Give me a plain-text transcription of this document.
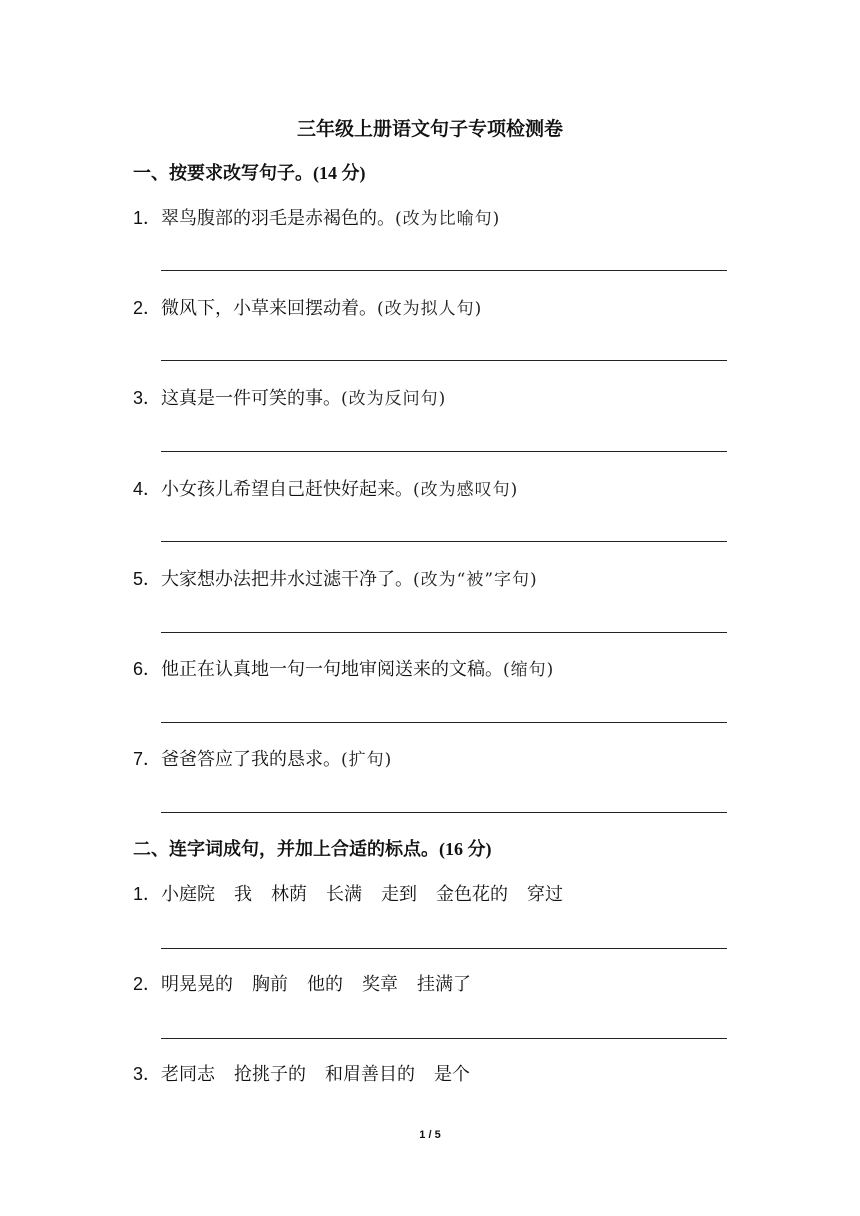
三年级上册语文句子专项检测卷
一、按要求改写句子。(14 分)
1．翠鸟腹部的羽毛是赤褐色的。(改为比喻句)
2．微风下，小草来回摆动着。(改为拟人句)
3．这真是一件可笑的事。(改为反问句)
4．小女孩儿希望自己赶快好起来。(改为感叹句)
5．大家想办法把井水过滤干净了。(改为“被”字句)
6．他正在认真地一句一句地审阅送来的文稿。(缩句)
7．爸爸答应了我的恳求。(扩句)
二、连字词成句，并加上合适的标点。(16 分)
1．小庭院 我 林荫 长满 走到 金色花的 穿过
2．明晃晃的 胸前 他的 奖章 挂满了
3．老同志 抢挑子的 和眉善目的 是个
1 / 5
